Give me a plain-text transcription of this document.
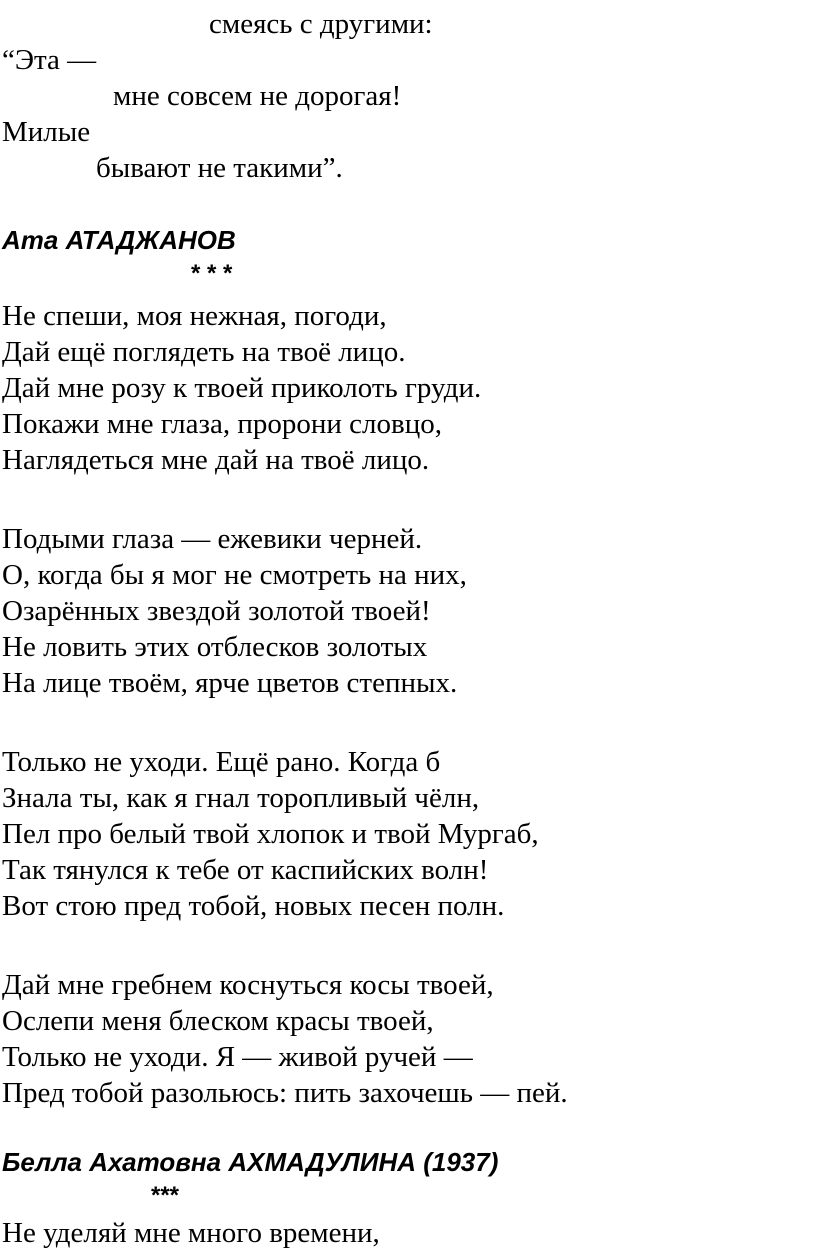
смеясь с другими:
“Эта —
мне совсем не дорогая!
Милые
бывают не такими”.
Ата АТАДЖАНОВ
* * *
Не спеши, моя нежная, погоди,
Дай ещё поглядеть на твоё лицо.
Дай мне розу к твоей приколоть груди.
Покажи мне глаза, пророни словцо,
Наглядеться мне дай на твоё лицо.
Подыми глаза — ежевики черней.
О, когда бы я мог не смотреть на них,
Озарённых звездой золотой твоей!
Не ловить этих отблесков золотых
На лице твоём, ярче цветов степных.
Только не уходи. Ещё рано. Когда б
Знала ты, как я гнал торопливый чёлн,
Пел про белый твой хлопок и твой Мургаб,
Так тянулся к тебе от каспийских волн!
Вот стою пред тобой, новых песен полн.
Дай мне гребнем коснуться косы твоей,
Ослепи меня блеском красы твоей,
Только не уходи. Я — живой ручей —
Пред тобой разольюсь: пить захочешь — пей.
Белла Ахатовна АХМАДУЛИНА (1937)
***
Не уделяй мне много времени,
